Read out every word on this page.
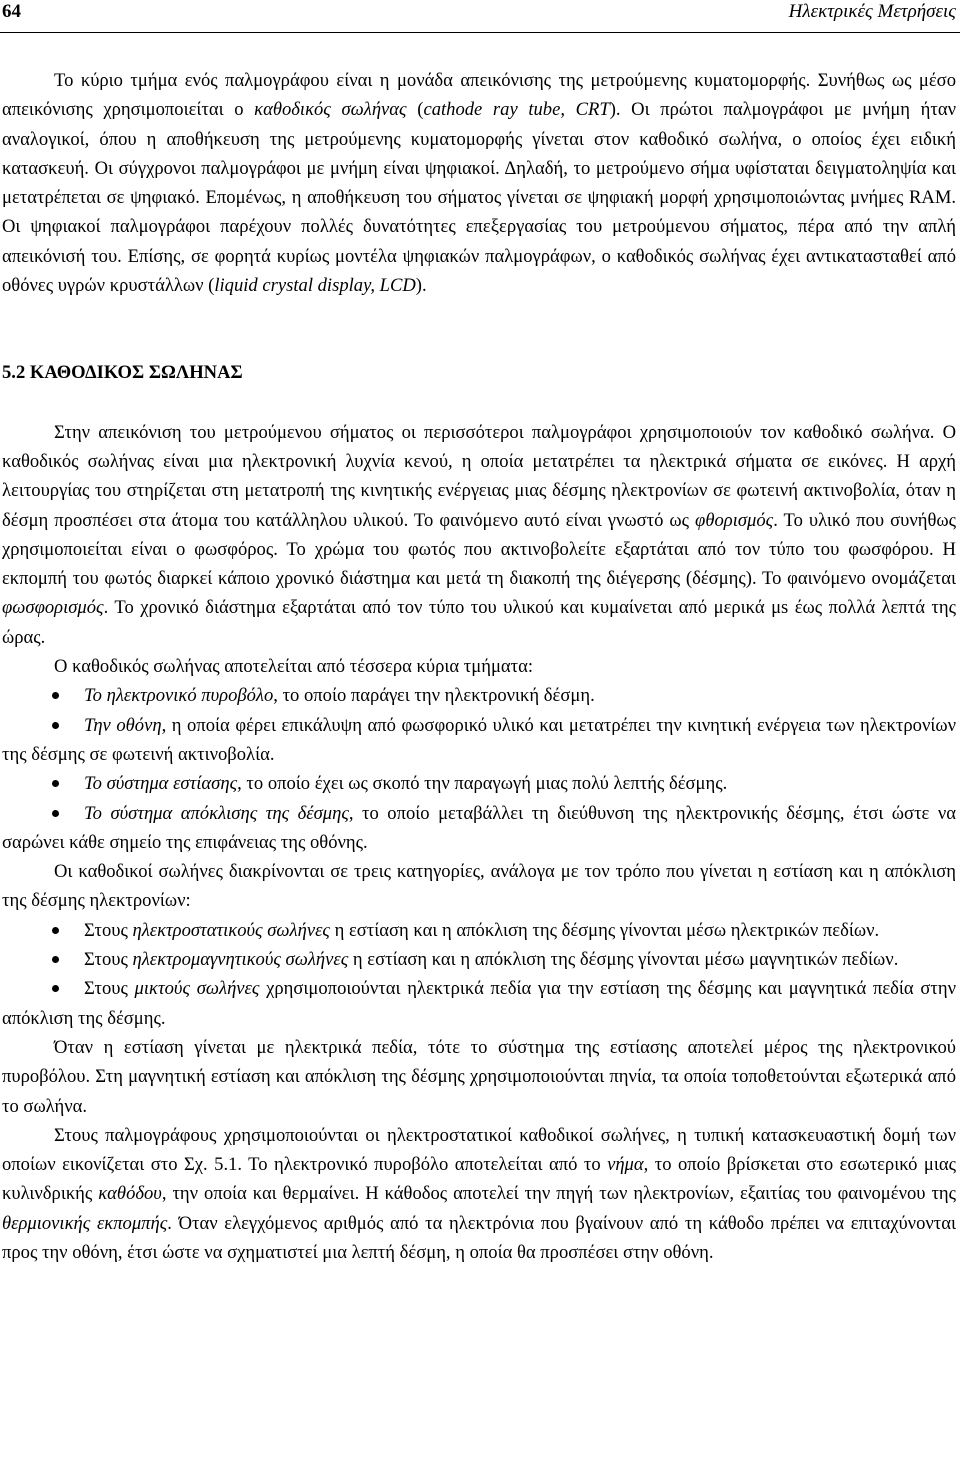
64	Ηλεκτρικές Μετρήσεις

Το κύριο τμήμα ενός παλμογράφου είναι η μονάδα απεικόνισης της μετρούμενης κυματομορφής. Συνήθως ως μέσο απεικόνισης χρησιμοποιείται ο καθοδικός σωλήνας (cathode ray tube, CRT). Οι πρώτοι παλμογράφοι με μνήμη ήταν αναλογικοί, όπου η αποθήκευση της μετρούμενης κυματομορφής γίνεται στον καθοδικό σωλήνα, ο οποίος έχει ειδική κατασκευή. Οι σύγχρονοι παλμογράφοι με μνήμη είναι ψηφιακοί. Δηλαδή, το μετρούμενο σήμα υφίσταται δειγματοληψία και μετατρέπεται σε ψηφιακό. Επομένως, η αποθήκευση του σήματος γίνεται σε ψηφιακή μορφή χρησιμοποιώντας μνήμες RAM. Οι ψηφιακοί παλμογράφοι παρέχουν πολλές δυνατότητες επεξεργασίας του μετρούμενου σήματος, πέρα από την απλή απεικόνισή του. Επίσης, σε φορητά κυρίως μοντέλα ψηφιακών παλμογράφων, ο καθοδικός σωλήνας έχει αντικατασταθεί από οθόνες υγρών κρυστάλλων (liquid crystal display, LCD).

5.2 ΚΑΘΟΔΙΚΟΣ ΣΩΛΗΝΑΣ

Στην απεικόνιση του μετρούμενου σήματος οι περισσότεροι παλμογράφοι χρησιμοποιούν τον καθοδικό σωλήνα. Ο καθοδικός σωλήνας είναι μια ηλεκτρονική λυχνία κενού, η οποία μετατρέπει τα ηλεκτρικά σήματα σε εικόνες. Η αρχή λειτουργίας του στηρίζεται στη μετατροπή της κινητικής ενέργειας μιας δέσμης ηλεκτρονίων σε φωτεινή ακτινοβολία, όταν η δέσμη προσπέσει στα άτομα του κατάλληλου υλικού. Το φαινόμενο αυτό είναι γνωστό ως φθορισμός. Το υλικό που συνήθως χρησιμοποιείται είναι ο φωσφόρος. Το χρώμα του φωτός που ακτινοβολείτε εξαρτάται από τον τύπο του φωσφόρου. Η εκπομπή του φωτός διαρκεί κάποιο χρονικό διάστημα και μετά τη διακοπή της διέγερσης (δέσμης). Το φαινόμενο ονομάζεται φωσφορισμός. Το χρονικό διάστημα εξαρτάται από τον τύπο του υλικού και κυμαίνεται από μερικά μs έως πολλά λεπτά της ώρας.

Ο καθοδικός σωλήνας αποτελείται από τέσσερα κύρια τμήματα:

Το ηλεκτρονικό πυροβόλο, το οποίο παράγει την ηλεκτρονική δέσμη.
Την οθόνη, η οποία φέρει επικάλυψη από φωσφορικό υλικό και μετατρέπει την κινητική ενέργεια των ηλεκτρονίων της δέσμης σε φωτεινή ακτινοβολία.
Το σύστημα εστίασης, το οποίο έχει ως σκοπό την παραγωγή μιας πολύ λεπτής δέσμης.
Το σύστημα απόκλισης της δέσμης, το οποίο μεταβάλλει τη διεύθυνση της ηλεκτρονικής δέσμης, έτσι ώστε να σαρώνει κάθε σημείο της επιφάνειας της οθόνης.

Οι καθοδικοί σωλήνες διακρίνονται σε τρεις κατηγορίες, ανάλογα με τον τρόπο που γίνεται η εστίαση και η απόκλιση της δέσμης ηλεκτρονίων:

Στους ηλεκτροστατικούς σωλήνες η εστίαση και η απόκλιση της δέσμης γίνονται μέσω ηλεκτρικών πεδίων.
Στους ηλεκτρομαγνητικούς σωλήνες η εστίαση και η απόκλιση της δέσμης γίνονται μέσω μαγνητικών πεδίων.
Στους μικτούς σωλήνες χρησιμοποιούνται ηλεκτρικά πεδία για την εστίαση της δέσμης και μαγνητικά πεδία στην απόκλιση της δέσμης.

Όταν η εστίαση γίνεται με ηλεκτρικά πεδία, τότε το σύστημα της εστίασης αποτελεί μέρος της ηλεκτρονικού πυροβόλου. Στη μαγνητική εστίαση και απόκλιση της δέσμης χρησιμοποιούνται πηνία, τα οποία τοποθετούνται εξωτερικά από το σωλήνα.

Στους παλμογράφους χρησιμοποιούνται οι ηλεκτροστατικοί καθοδικοί σωλήνες, η τυπική κατασκευαστική δομή των οποίων εικονίζεται στο Σχ. 5.1. Το ηλεκτρονικό πυροβόλο αποτελείται από το νήμα, το οποίο βρίσκεται στο εσωτερικό μιας κυλινδρικής καθόδου, την οποία και θερμαίνει. Η κάθοδος αποτελεί την πηγή των ηλεκτρονίων, εξαιτίας του φαινομένου της θερμιονικής εκπομπής. Όταν ελεγχόμενος αριθμός από τα ηλεκτρόνια που βγαίνουν από τη κάθοδο πρέπει να επιταχύνονται προς την οθόνη, έτσι ώστε να σχηματιστεί μια λεπτή δέσμη, η οποία θα προσπέσει στην οθόνη.
